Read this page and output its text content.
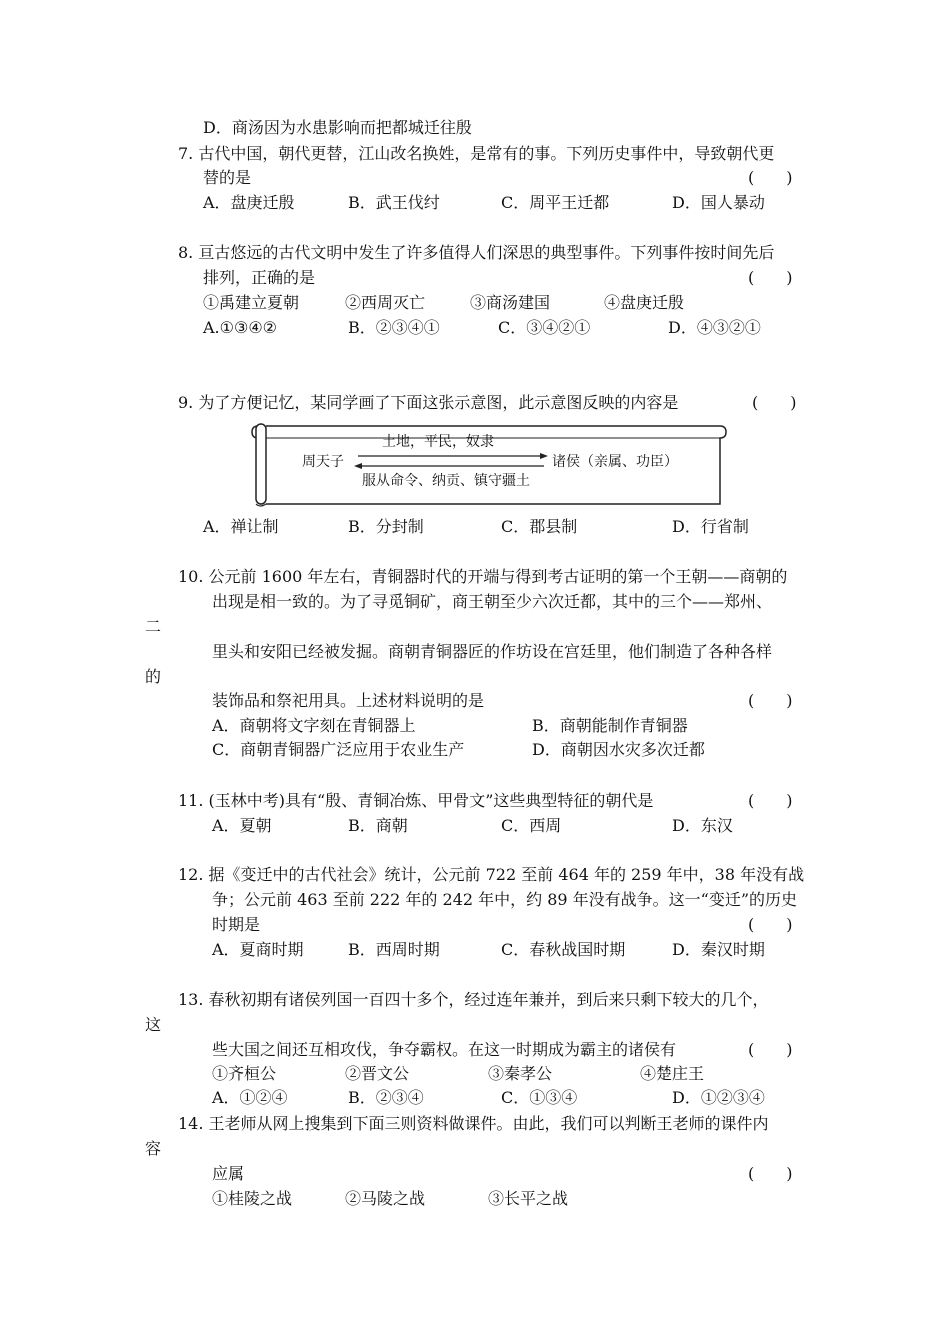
D．商汤因为水患影响而把都城迁往殷
7. 古代中国，朝代更替，江山改名换姓，是常有的事。下列历史事件中，导致朝代更
替的是	(　　)
A．盘庚迁殷	B．武王伐纣	C．周平王迁都	D．国人暴动
8. 亘古悠远的古代文明中发生了许多值得人们深思的典型事件。下列事件按时间先后
排列，正确的是	(　　)
①禹建立夏朝	②西周灭亡	③商汤建国	④盘庚迁殷
A.①③④②	B．②③④①	C．③④②①	D．④③②①
9. 为了方便记忆，某同学画了下面这张示意图，此示意图反映的内容是	(　　)
土地，平民，奴隶
周天子	诸侯（亲属、功臣）
服从命令、纳贡、镇守疆土
A．禅让制	B．分封制	C．郡县制	D．行省制
10. 公元前 1600 年左右，青铜器时代的开端与得到考古证明的第一个王朝——商朝的
出现是相一致的。为了寻觅铜矿，商王朝至少六次迁都，其中的三个——郑州、
二
里头和安阳已经被发掘。商朝青铜器匠的作坊设在宫廷里，他们制造了各种各样
的
装饰品和祭祀用具。上述材料说明的是	(　　)
A．商朝将文字刻在青铜器上	B．商朝能制作青铜器
C．商朝青铜器广泛应用于农业生产	D．商朝因水灾多次迁都
11. (玉林中考)具有“殷、青铜冶炼、甲骨文”这些典型特征的朝代是	(　　)
A．夏朝	B．商朝	C．西周	D．东汉
12. 据《变迁中的古代社会》统计，公元前 722 至前 464 年的 259 年中，38 年没有战
争；公元前 463 至前 222 年的 242 年中，约 89 年没有战争。这一“变迁”的历史
时期是	(　　)
A．夏商时期	B．西周时期	C．春秋战国时期	D．秦汉时期
13. 春秋初期有诸侯列国一百四十多个，经过连年兼并，到后来只剩下较大的几个，
这
些大国之间还互相攻伐，争夺霸权。在这一时期成为霸主的诸侯有	(　　)
①齐桓公	②晋文公	③秦孝公	④楚庄王
A．①②④	B．②③④	C．①③④	D．①②③④
14. 王老师从网上搜集到下面三则资料做课件。由此，我们可以判断王老师的课件内
容
应属	(　　)
①桂陵之战	②马陵之战	③长平之战
